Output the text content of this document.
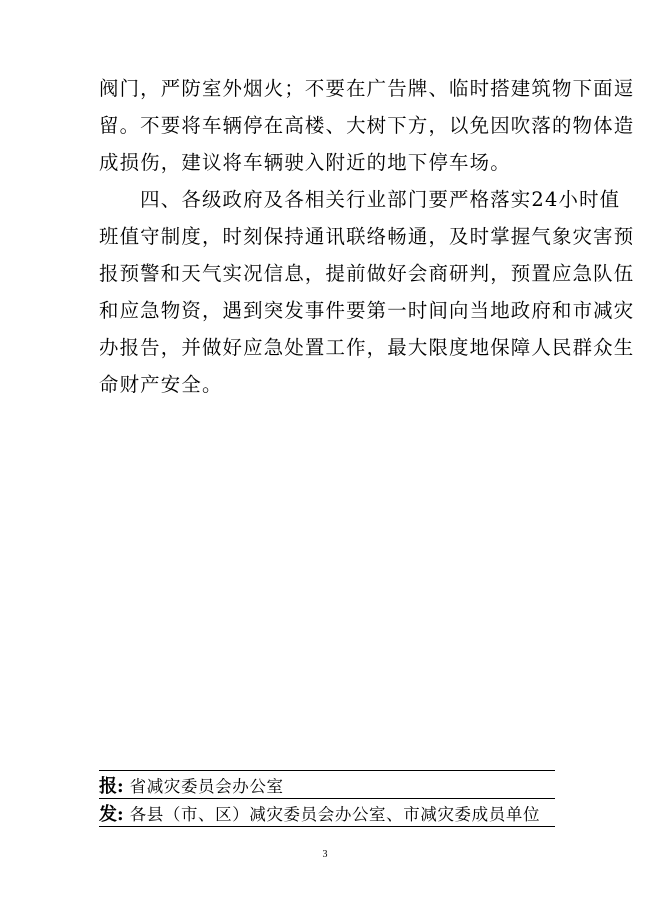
阀门，严防室外烟火；不要在广告牌、临时搭建筑物下面逗
留。不要将车辆停在高楼、大树下方，以免因吹落的物体造
成损伤，建议将车辆驶入附近的地下停车场。
　　四、各级政府及各相关行业部门要严格落实24小时值
班值守制度，时刻保持通讯联络畅通，及时掌握气象灾害预
报预警和天气实况信息，提前做好会商研判，预置应急队伍
和应急物资，遇到突发事件要第一时间向当地政府和市减灾
办报告，并做好应急处置工作，最大限度地保障人民群众生
命财产安全。
报: 省减灾委员会办公室
发: 各县（市、区）减灾委员会办公室、市减灾委成员单位
3
